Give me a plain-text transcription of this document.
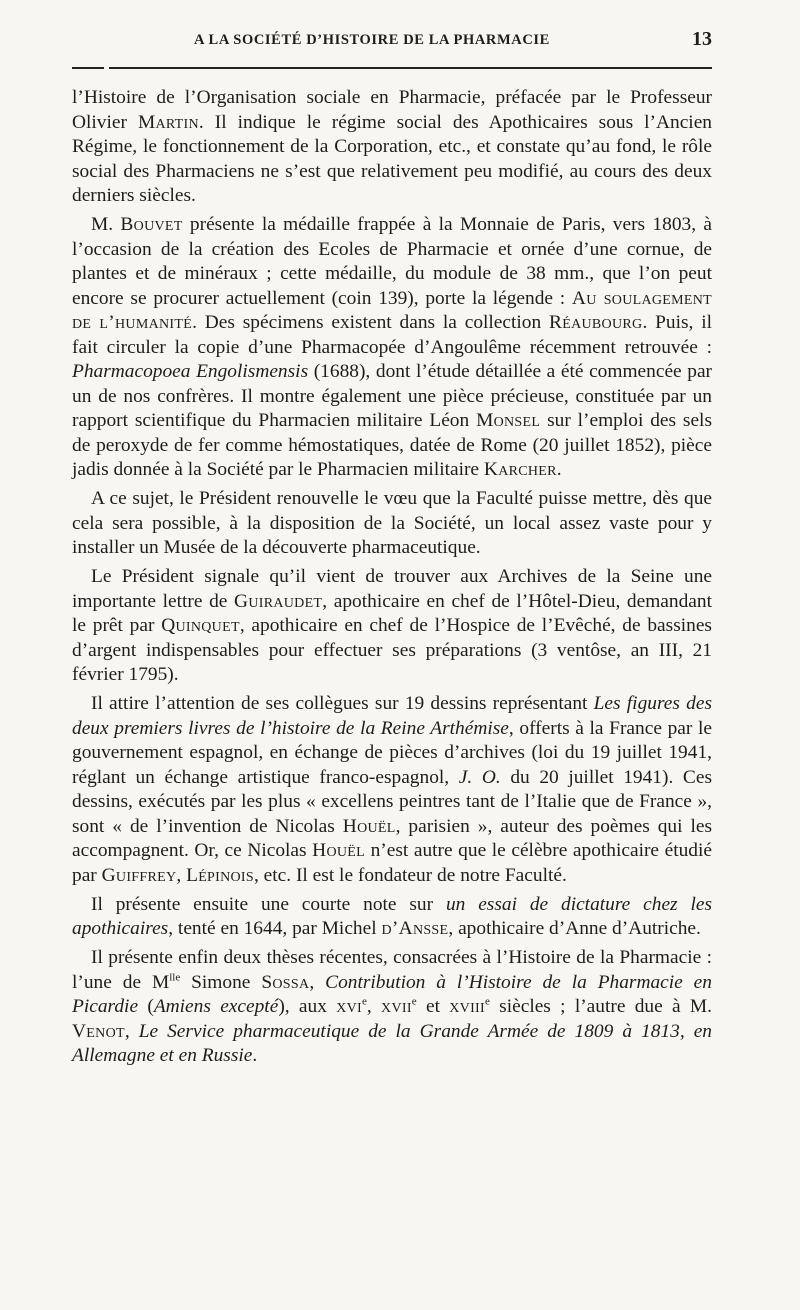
A LA SOCIÉTÉ D’HISTOIRE DE LA PHARMACIE	13

l’Histoire de l’Organisation sociale en Pharmacie, préfacée par le Professeur Olivier Martin. Il indique le régime social des Apothicaires sous l’Ancien Régime, le fonctionnement de la Corporation, etc., et constate qu’au fond, le rôle social des Pharmaciens ne s’est que relativement peu modifié, au cours des deux derniers siècles.

M. Bouvet présente la médaille frappée à la Monnaie de Paris, vers 1803, à l’occasion de la création des Ecoles de Pharmacie et ornée d’une cornue, de plantes et de minéraux ; cette médaille, du module de 38 mm., que l’on peut encore se procurer actuellement (coin 139), porte la légende : Au soulagement de l’humanité. Des spécimens existent dans la collection Réaubourg. Puis, il fait circuler la copie d’une Pharmacopée d’Angoulême récemment retrouvée : Pharmacopoea Engolismensis (1688), dont l’étude détaillée a été commencée par un de nos confrères. Il montre également une pièce précieuse, constituée par un rapport scientifique du Pharmacien militaire Léon Monsel sur l’emploi des sels de peroxyde de fer comme hémostatiques, datée de Rome (20 juillet 1852), pièce jadis donnée à la Société par le Pharmacien militaire Karcher.

A ce sujet, le Président renouvelle le vœu que la Faculté puisse mettre, dès que cela sera possible, à la disposition de la Société, un local assez vaste pour y installer un Musée de la découverte pharmaceutique.

Le Président signale qu’il vient de trouver aux Archives de la Seine une importante lettre de Guiraudet, apothicaire en chef de l’Hôtel-Dieu, demandant le prêt par Quinquet, apothicaire en chef de l’Hospice de l’Evêché, de bassines d’argent indispensables pour effectuer ses préparations (3 ventôse, an III, 21 février 1795).

Il attire l’attention de ses collègues sur 19 dessins représentant Les figures des deux premiers livres de l’histoire de la Reine Arthémise, offerts à la France par le gouvernement espagnol, en échange de pièces d’archives (loi du 19 juillet 1941, réglant un échange artistique franco-espagnol, J. O. du 20 juillet 1941). Ces dessins, exécutés par les plus « excellens peintres tant de l’Italie que de France », sont « de l’invention de Nicolas Houël, parisien », auteur des poèmes qui les accompagnent. Or, ce Nicolas Houël n’est autre que le célèbre apothicaire étudié par Guiffrey, Lépinois, etc. Il est le fondateur de notre Faculté.

Il présente ensuite une courte note sur un essai de dictature chez les apothicaires, tenté en 1644, par Michel d’Ansse, apothicaire d’Anne d’Autriche.

Il présente enfin deux thèses récentes, consacrées à l’Histoire de la Pharmacie : l’une de $M^{lle}$ Simone Sossa, Contribution à l’Histoire de la Pharmacie en Picardie (Amiens excepté), aux xvi$^e$, xvii$^e$ et xviii$^e$ siècles ; l’autre due à M. Venot, Le Service pharmaceutique de la Grande Armée de 1809 à 1813, en Allemagne et en Russie.
